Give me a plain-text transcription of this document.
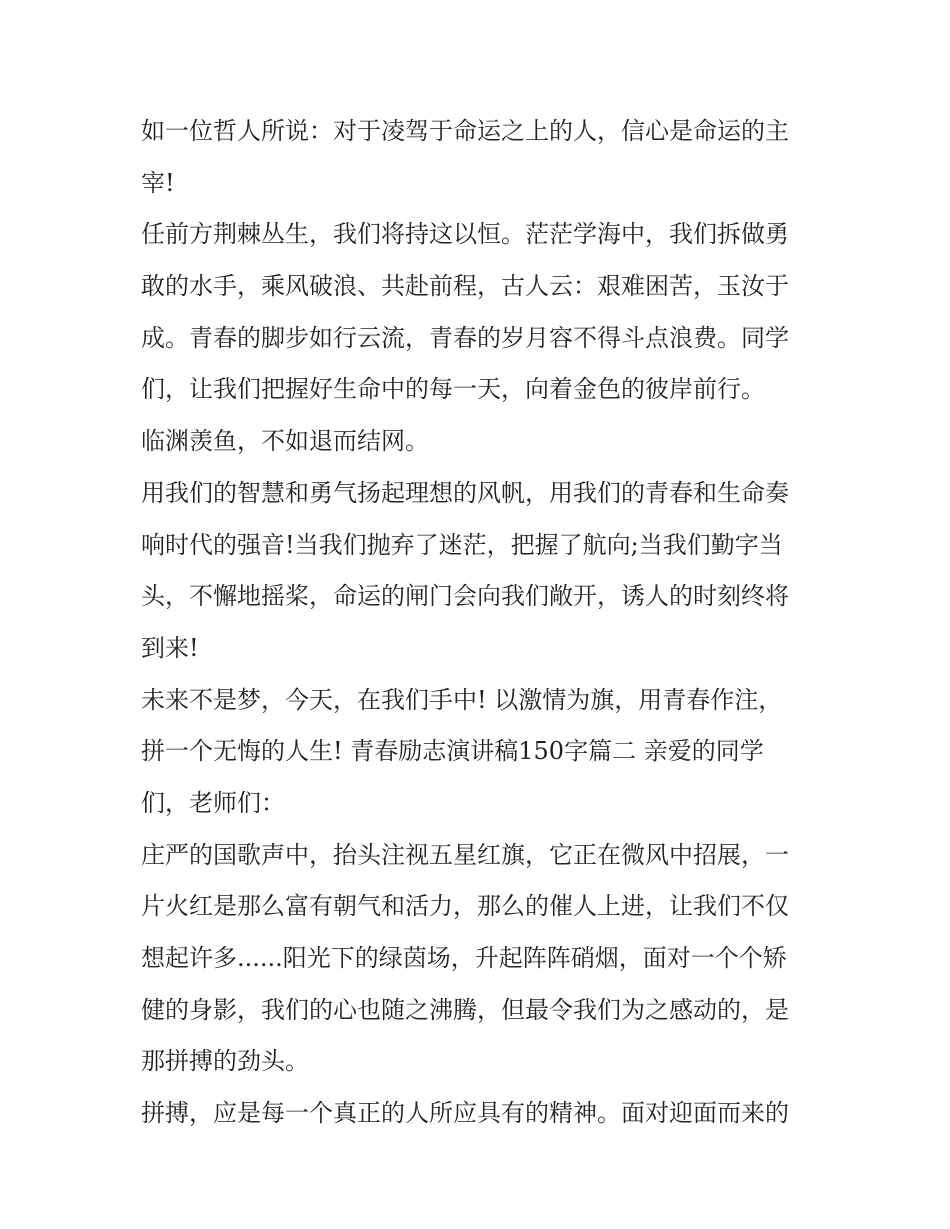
如一位哲人所说：对于凌驾于命运之上的人，信心是命运的主
宰!
任前方荆棘丛生，我们将持这以恒。茫茫学海中，我们拆做勇
敢的水手，乘风破浪、共赴前程，古人云：艰难困苦，玉汝于
成。青春的脚步如行云流，青春的岁月容不得斗点浪费。同学
们，让我们把握好生命中的每一天，向着金色的彼岸前行。
临渊羡鱼，不如退而结网。
用我们的智慧和勇气扬起理想的风帆，用我们的青春和生命奏
响时代的强音!当我们抛弃了迷茫，把握了航向;当我们勤字当
头，不懈地摇桨，命运的闸门会向我们敞开，诱人的时刻终将
到来!
未来不是梦，今天，在我们手中! 以激情为旗，用青春作注，
拼一个无悔的人生! 青春励志演讲稿150字篇二 亲爱的同学
们，老师们：
庄严的国歌声中，抬头注视五星红旗，它正在微风中招展，一
片火红是那么富有朝气和活力，那么的催人上进，让我们不仅
想起许多......阳光下的绿茵场，升起阵阵硝烟，面对一个个矫
健的身影，我们的心也随之沸腾，但最令我们为之感动的，是
那拼搏的劲头。
拼搏，应是每一个真正的人所应具有的精神。面对迎面而来的
